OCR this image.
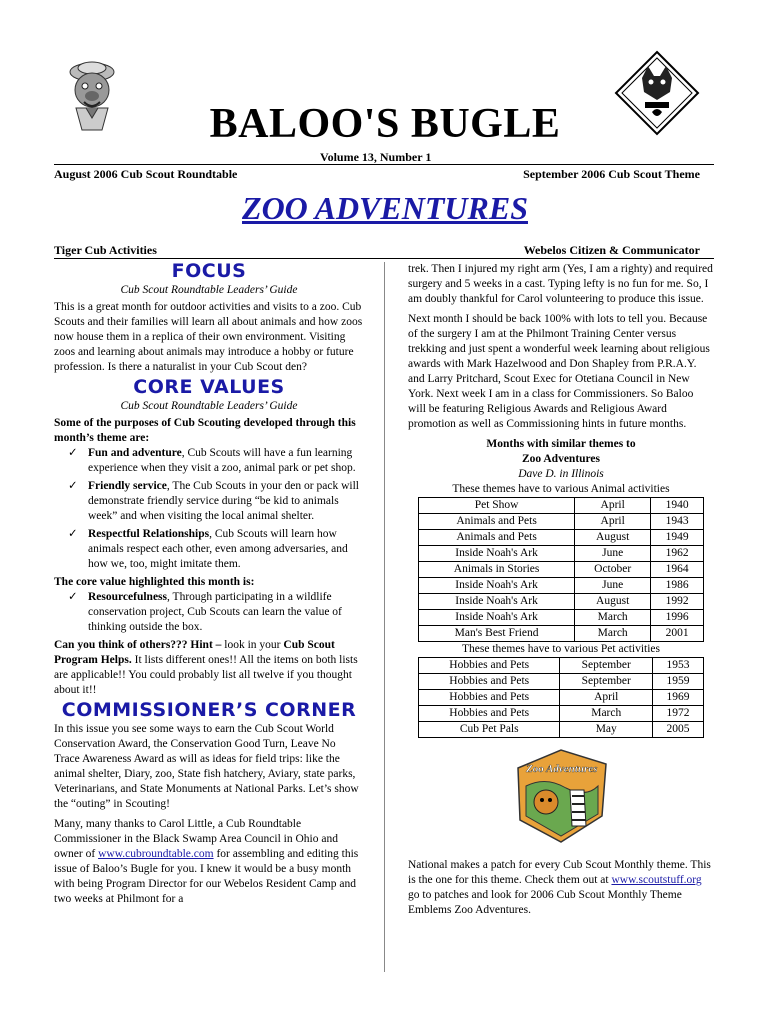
BALOO'S BUGLE
Volume 13, Number 1
August 2006 Cub Scout Roundtable	September 2006 Cub Scout Theme
ZOO ADVENTURES
Tiger Cub Activities	Webelos Citizen & Communicator
FOCUS
Cub Scout Roundtable Leaders’ Guide

This is a great month for outdoor activities and visits to a zoo. Cub Scouts and their families will learn all about animals and how zoos now house them in a replica of their own environment. Visiting zoos and learning about animals may introduce a hobby or future profession. Is there a naturalist in your Cub Scout den?

CORE VALUES
Cub Scout Roundtable Leaders’ Guide
Some of the purposes of Cub Scouting developed through this month’s theme are:
✓ Fun and adventure, Cub Scouts will have a fun learning experience when they visit a zoo, animal park or pet shop.
✓ Friendly service, The Cub Scouts in your den or pack will demonstrate friendly service during “be kid to animals week” and when visiting the local animal shelter.
✓ Respectful Relationships, Cub Scouts will learn how animals respect each other, even among adversaries, and how we, too, might imitate them.
The core value highlighted this month is:
✓ Resourcefulness, Through participating in a wildlife conservation project, Cub Scouts can learn the value of thinking outside the box.

Can you think of others??? Hint – look in your Cub Scout Program Helps. It lists different ones!! All the items on both lists are applicable!! You could probably list all twelve if you thought about it!!

COMMISSIONER’S CORNER

In this issue you see some ways to earn the Cub Scout World Conservation Award, the Conservation Good Turn, Leave No Trace Awareness Award as will as ideas for field trips: like the animal shelter, Diary, zoo, State fish hatchery, Aviary, state parks, Veterinarians, and State Monuments at National Parks. Let’s show the “outing” in Scouting!

Many, many thanks to Carol Little, a Cub Roundtable Commissioner in the Black Swamp Area Council in Ohio and owner of www.cubroundtable.com for assembling and editing this issue of Baloo’s Bugle for you. I knew it would be a busy month with being Program Director for our Webelos Resident Camp and two weeks at Philmont for a

trek. Then I injured my right arm (Yes, I am a righty) and required surgery and 5 weeks in a cast. Typing lefty is no fun for me. So, I am doubly thankful for Carol volunteering to produce this issue.

Next month I should be back 100% with lots to tell you. Because of the surgery I am at the Philmont Training Center versus trekking and just spent a wonderful week learning about religious awards with Mark Hazelwood and Don Shapley from P.R.A.Y. and Larry Pritchard, Scout Exec for Otetiana Council in New York. Next week I am in a class for Commissioners. So Baloo will be featuring Religious Awards and Religious Award promotion as well as Commissioning hints in future months.

Months with similar themes to
Zoo Adventures
Dave D. in Illinois
These themes have to various Animal activities		
Pet Show	April	1940
Animals and Pets	April	1943
Animals and Pets	August	1949
Inside Noah's Ark	June	1962
Animals in Stories	October	1964
Inside Noah's Ark	June	1986
Inside Noah's Ark	August	1992
Inside Noah's Ark	March	1996
Man's Best Friend	March	2001
These themes have to various Pet activities		
Hobbies and Pets	September	1953
Hobbies and Pets	September	1959
Hobbies and Pets	April	1969
Hobbies and Pets	March	1972
Cub Pet Pals	May	2005
Zoo Adventures

National makes a patch for every Cub Scout Monthly theme. This is the one for this theme. Check them out at www.scoutstuff.org go to patches and look for 2006 Cub Scout Monthly Theme Emblems Zoo Adventures.
